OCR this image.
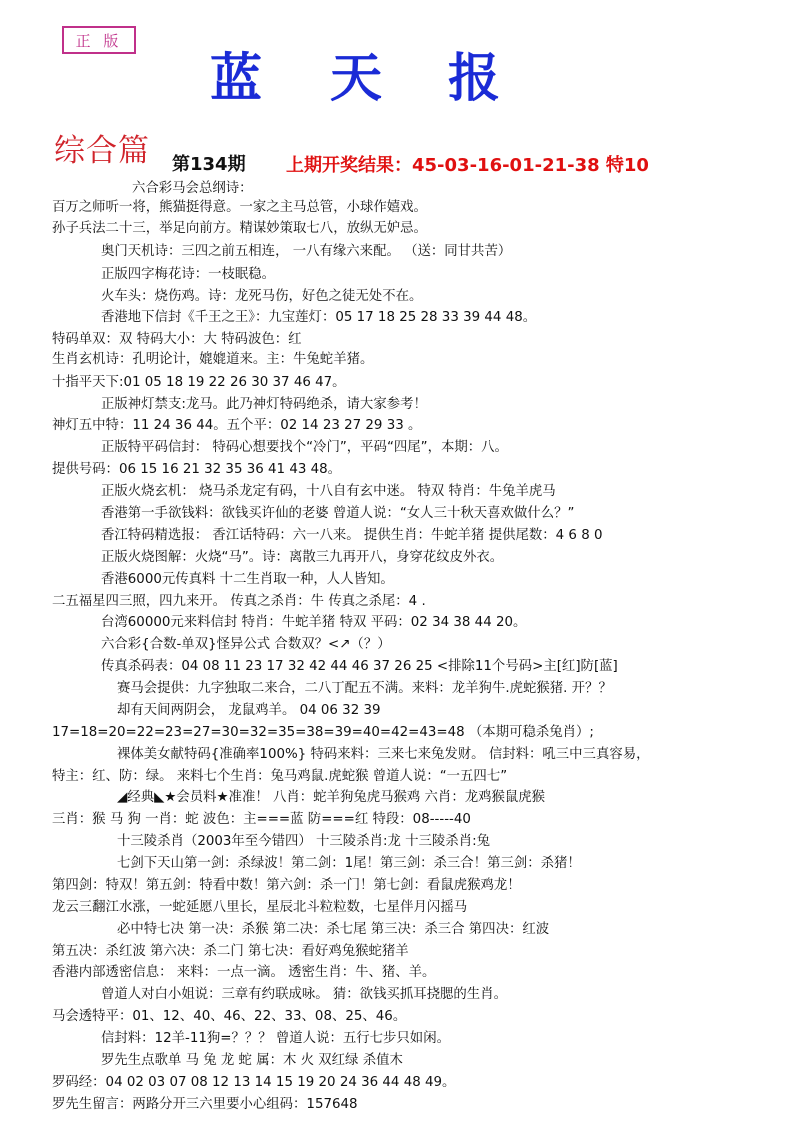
正 版
蓝 天 报
综合篇 第134期 上期开奖结果：45-03-16-01-21-38 特10
六合彩马会总纲诗：
百万之师听一将，熊猫挺得意。一家之主马总管，小球作嬉戏。
孙子兵法二十三，举足向前方。精谋妙策取七八，放纵无妒忌。
奥门天机诗：三四之前五相连， 一八有缘六来配。 （送：同甘共苦）
正版四字梅花诗：一枝眠稳。
火车头：烧伤鸡。诗：龙死马伤，好色之徒无处不在。
香港地下信封《千王之王》：九宝莲灯：05 17 18 25 28 33 39 44 48。
特码单双：双 特码大小：大 特码波色：红
生肖玄机诗：孔明论计，媲媲道来。主：牛兔蛇羊猪。
十指平天下:01 05 18 19 22 26 30 37 46 47。
正版神灯禁支:龙马。此乃神灯特码绝杀，请大家参考！
神灯五中特：11 24 36 44。五个平：02 14 23 27 29 33 。
正版特平码信封： 特码心想要找个“冷门”，平码“四尾”，本期：八。
提供号码：06 15 16 21 32 35 36 41 43 48。
正版火烧玄机： 烧马杀龙定有码，十八自有玄中迷。 特双 特肖：牛兔羊虎马
香港第一手欲钱料：欲钱买许仙的老婆 曾道人说：“女人三十秋天喜欢做什么？”
香江特码精选报： 香江话特码：六一八来。 提供生肖：牛蛇羊猪 提供尾数：4 6 8 0
正版火烧图解：火烧“马”。诗：离散三九再开八，身穿花纹皮外衣。
香港6000元传真料 十二生肖取一种，人人皆知。
二五福星四三照，四九来开。 传真之杀肖：牛 传真之杀尾：4 .
台湾60000元来料信封 特肖：牛蛇羊猪 特双 平码：02 34 38 44 20。
六合彩{合数-单双}怪异公式 合数双？<↗（？）
传真杀码表：04 08 11 23 17 32 42 44 46 37 26 25 <排除11个号码>主[红]防[蓝]
赛马会提供：九字独取二来合，二八丁配五不满。来料：龙羊狗牛.虎蛇猴猪. 开？？
却有天间两阴会， 龙鼠鸡羊。 04 06 32 39
17=18=20=22=23=27=30=32=35=38=39=40=42=43=48 （本期可稳杀兔肖）;
裸体美女献特码{准确率100%} 特码来料：三来七来兔发财。 信封料：吼三中三真容易，
特主：红、防：绿。 来料七个生肖：兔马鸡鼠.虎蛇猴 曾道人说：“一五四七”
◢经典◣★会员料★准准！ 八肖：蛇羊狗兔虎马猴鸡 六肖：龙鸡猴鼠虎猴
三肖：猴 马 狗 一肖：蛇 波色：主===蓝 防===红 特段：08-----40
十三陵杀肖（2003年至今错四） 十三陵杀肖:龙 十三陵杀肖:兔
七剑下天山第一剑：杀绿波！第二剑：1尾！第三剑：杀三合！第三剑：杀猪！
第四剑：特双！第五剑：特看中数！第六剑：杀一门！第七剑：看鼠虎猴鸡龙！
龙云三翻江水涨，一蛇延愿八里长，星辰北斗粒粒数，七星伴月闪摇马
必中特七决 第一决：杀猴 第二决：杀七尾 第三决：杀三合 第四决：红波
第五决：杀红波 第六决：杀二门 第七决：看好鸡兔猴蛇猪羊
香港内部透密信息： 来料：一点一滴。 透密生肖：牛、猪、羊。
曾道人对白小姐说：三章有约联成咏。 猜：欲钱买抓耳挠腮的生肖。
马会透特平：01、12、40、46、22、33、08、25、46。
信封料：12羊-11狗=？？？ 曾道人说：五行七步只如闲。
罗先生点歌单 马 兔 龙 蛇 属：木 火 双红绿 杀值木
罗码经：04 02 03 07 08 12 13 14 15 19 20 24 36 44 48 49。
罗先生留言：两路分开三六里要小心组码：157648
